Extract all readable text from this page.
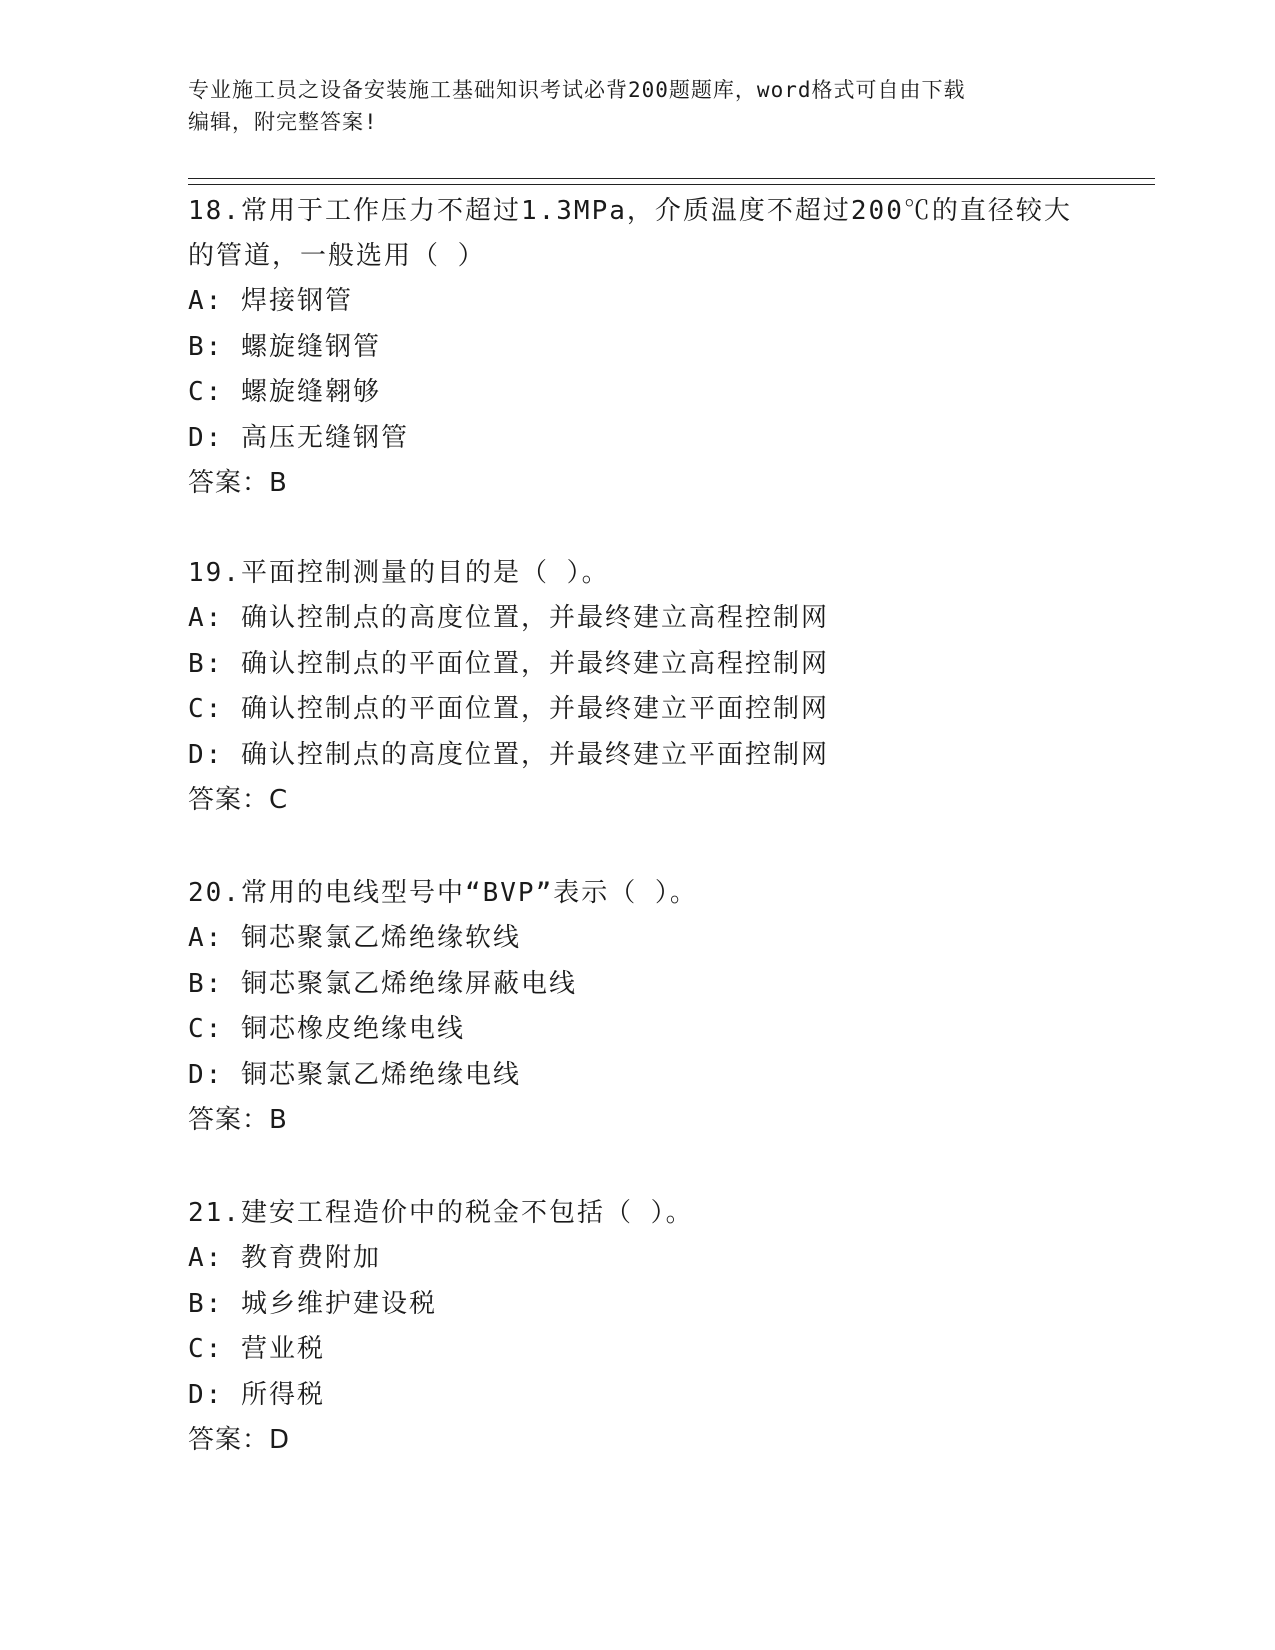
专业施工员之设备安装施工基础知识考试必背200题题库，word格式可自由下载
编辑，附完整答案!
18.常用于工作压力不超过1.3MPa，介质温度不超过200℃的直径较大
的管道，一般选用（ ）
A: 焊接钢管
B: 螺旋缝钢管
C: 螺旋缝翱够
D: 高压无缝钢管
答案：B
19.平面控制测量的目的是（ ）。
A: 确认控制点的高度位置，并最终建立高程控制网
B: 确认控制点的平面位置，并最终建立高程控制网
C: 确认控制点的平面位置，并最终建立平面控制网
D: 确认控制点的高度位置，并最终建立平面控制网
答案：C
20.常用的电线型号中“BVP”表示（ ）。
A: 铜芯聚氯乙烯绝缘软线
B: 铜芯聚氯乙烯绝缘屏蔽电线
C: 铜芯橡皮绝缘电线
D: 铜芯聚氯乙烯绝缘电线
答案：B
21.建安工程造价中的税金不包括（ ）。
A: 教育费附加
B: 城乡维护建设税
C: 营业税
D: 所得税
答案：D
